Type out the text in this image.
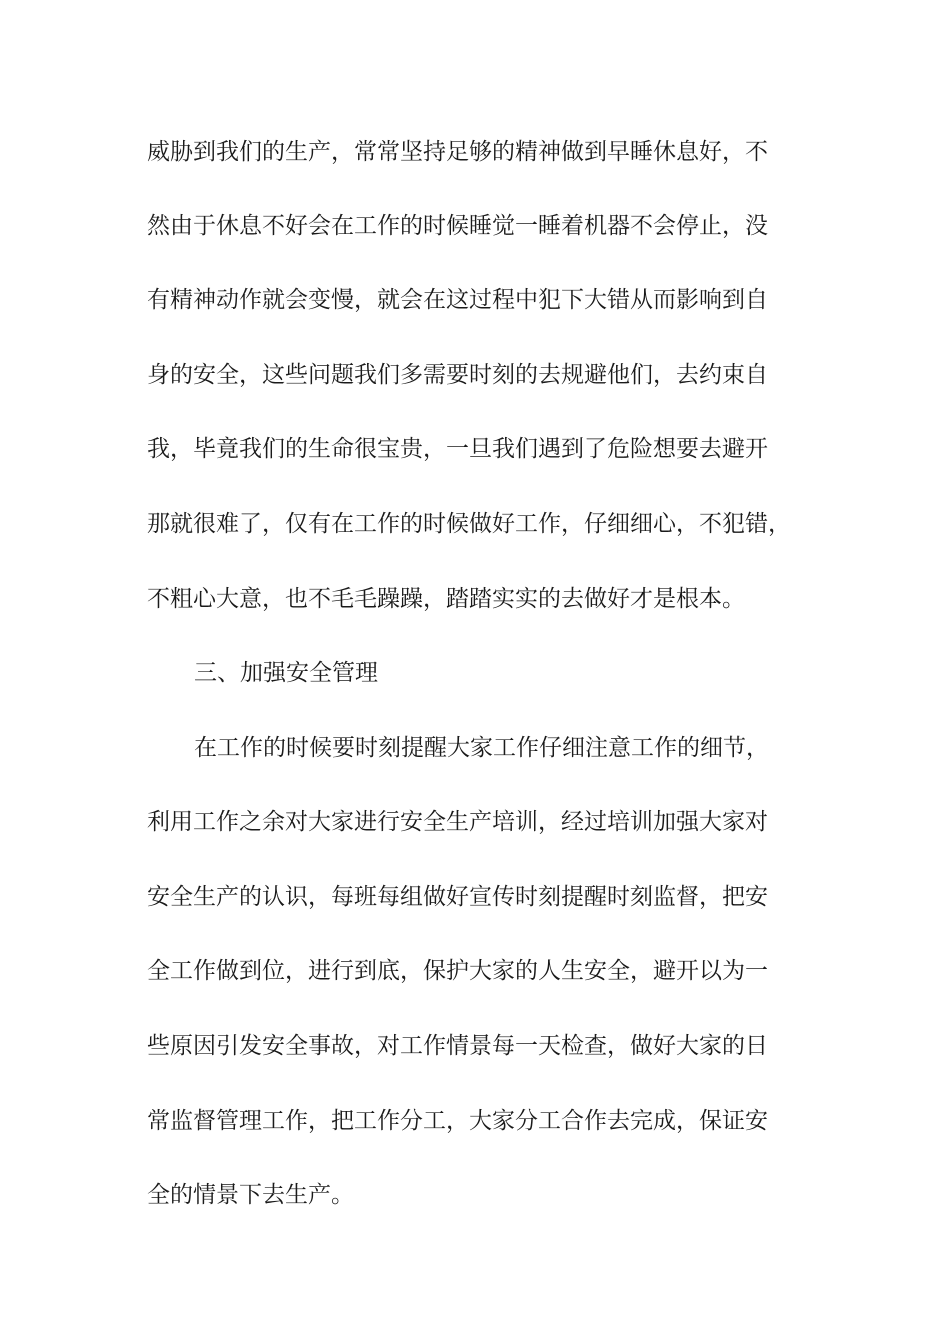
威胁到我们的生产，常常坚持足够的精神做到早睡休息好，不
然由于休息不好会在工作的时候睡觉一睡着机器不会停止，没
有精神动作就会变慢，就会在这过程中犯下大错从而影响到自
身的安全，这些问题我们多需要时刻的去规避他们，去约束自
我，毕竟我们的生命很宝贵，一旦我们遇到了危险想要去避开
那就很难了，仅有在工作的时候做好工作，仔细细心，不犯错，
不粗心大意，也不毛毛躁躁，踏踏实实的去做好才是根本。
三、加强安全管理
在工作的时候要时刻提醒大家工作仔细注意工作的细节，
利用工作之余对大家进行安全生产培训，经过培训加强大家对
安全生产的认识，每班每组做好宣传时刻提醒时刻监督，把安
全工作做到位，进行到底，保护大家的人生安全，避开以为一
些原因引发安全事故，对工作情景每一天检查，做好大家的日
常监督管理工作，把工作分工，大家分工合作去完成，保证安
全的情景下去生产。
